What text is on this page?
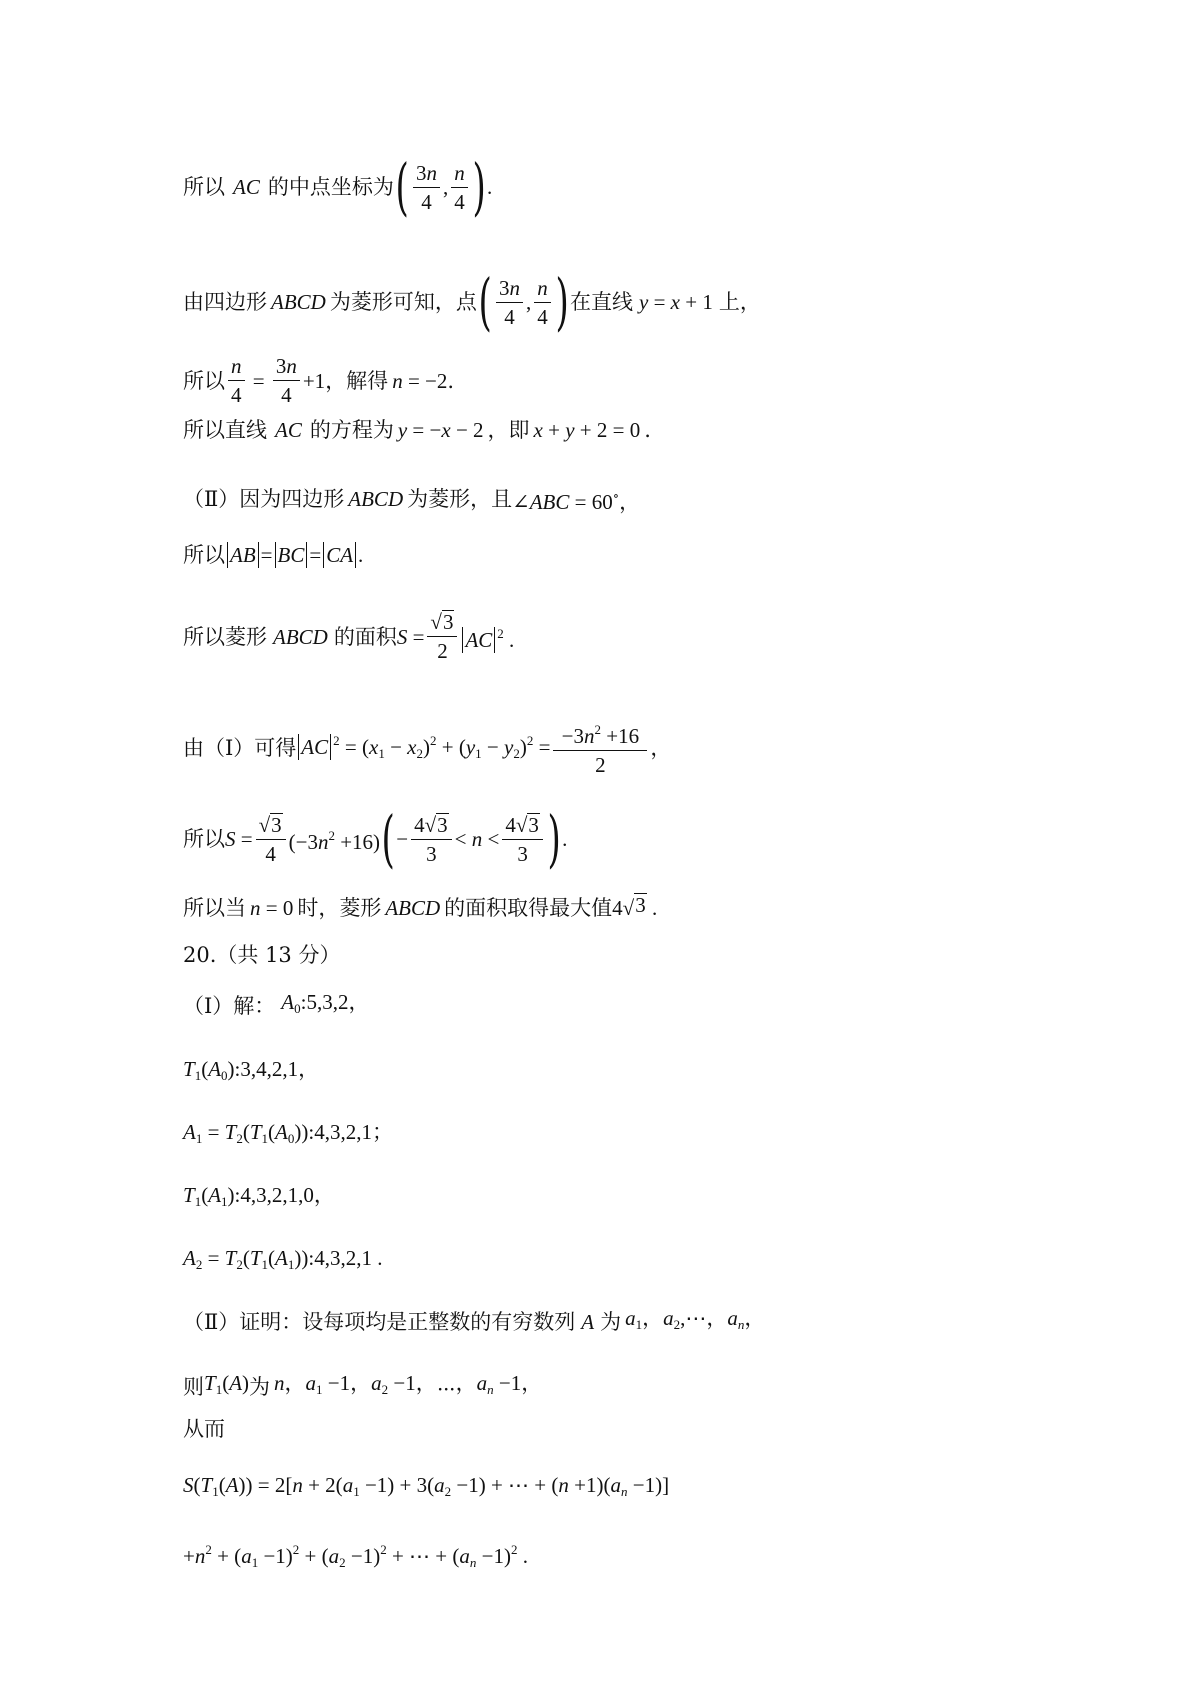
所以 AC 的中点坐标为 ( $\frac{3n}{4}$ , $\frac{n}{4}$ ) .
由四边形 ABCD 为菱形可知，点 ( $\frac{3n}{4}$ , $\frac{n}{4}$ ) 在直线 y = x + 1 上，
所以 $\frac{n}{4} = \frac{3n}{4} +1$ ，解得 n = −2 .
所以直线 AC 的方程为 y = −x − 2 ，即 x + y + 2 = 0 .
（Ⅱ）因为四边形 ABCD 为菱形，且 ∠ABC = 60∘，
所以 AB = BC = CA .
所以菱形 ABCD 的面积 $S = \frac{√ 3}{2}$ AC $^2$ .
由（Ⅰ）可得 AC $^2 = (x_1 - x_2)^2 + (y_1 - y_2)^2 = \frac{-3n^2 +16}{2}$ ，
所以 $S = \frac{√ 3}{4} (-3n^2 +16)$ ( − $\frac{4√ 3}{3} < n < \frac{4√ 3}{3}$ ) .
所以当 n = 0 时，菱形 ABCD 的面积取得最大值 4√ 3 .
20.（共 13 分）
（Ⅰ）解： $A_0:5,3,2$，
$T_1(A_0):3,4,2,1$，
$A_1$ = $T_2(T_1(A_0)):4,3,2,1$；
$T_1(A_1):4,3,2,1,0$，
$A_2$ = $T_2(T_1(A_1)):4,3,2,1$ .
（Ⅱ）证明：设每项均是正整数的有穷数列 A 为 $a_1$，$a_2,\cdots$，$a_n$，
则 $T_1(A)$ 为 n，$a_1 -1$，$a_2 -1$，⋯，$a_n -1$，
从而
$S(T_1(A)) = 2[n + 2(a_1 -1) + 3(a_2 -1)$ + ⋯ + $(n +1)(a_n -1)$]
$+n^2 + (a_1 -1)^2 + (a_2 -1)^2$ + ⋯ + $(a_n -1)^2$ .
